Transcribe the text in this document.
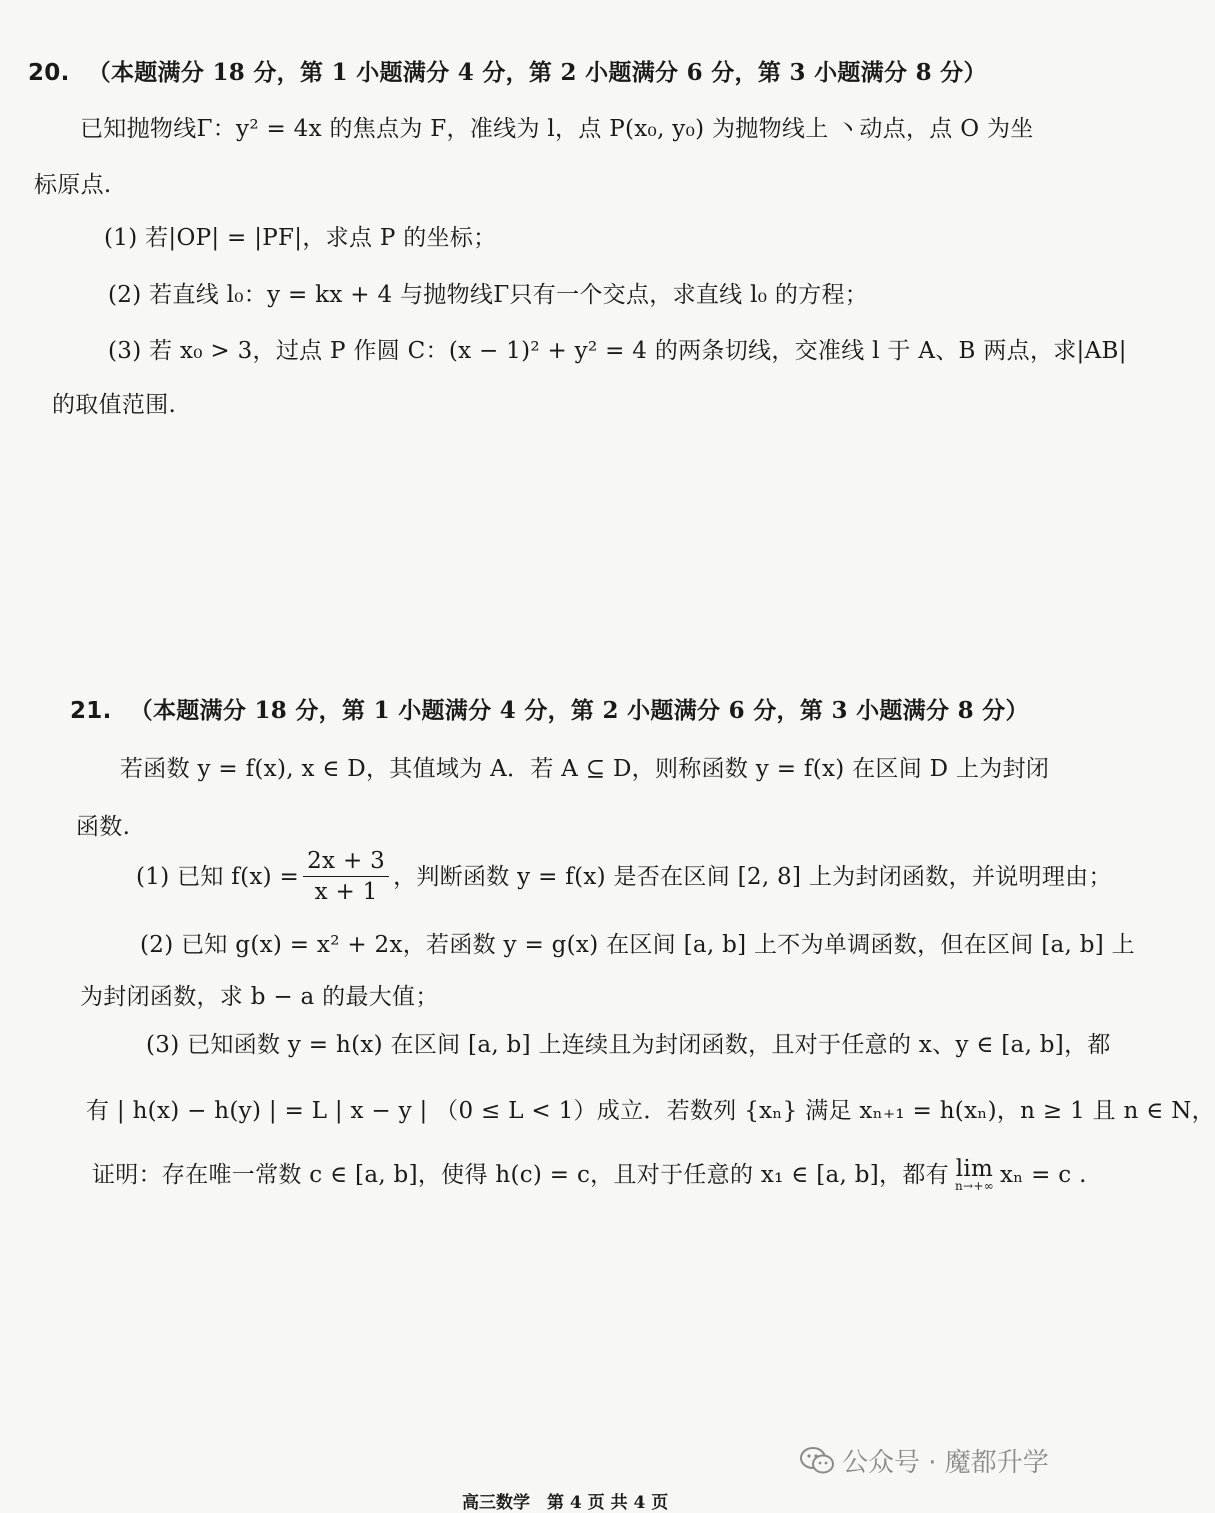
20. （本题满分 18 分，第 1 小题满分 4 分，第 2 小题满分 6 分，第 3 小题满分 8 分）
已知抛物线Γ：y² = 4x 的焦点为 F，准线为 l，点 P(x₀, y₀) 为抛物线上 丶动点，点 O 为坐
标原点.
(1) 若|OP| = |PF|，求点 P 的坐标；
(2) 若直线 l₀：y = kx + 4 与抛物线Γ只有一个交点，求直线 l₀ 的方程；
(3) 若 x₀ > 3，过点 P 作圆 C：(x − 1)² + y² = 4 的两条切线，交准线 l 于 A、B 两点，求|AB|
的取值范围.
21. （本题满分 18 分，第 1 小题满分 4 分，第 2 小题满分 6 分，第 3 小题满分 8 分）
若函数 y = f(x), x ∈ D，其值域为 A．若 A ⊆ D，则称函数 y = f(x) 在区间 D 上为封闭
函数.
(1) 已知 $f(x) = \frac{2x + 3}{x + 1}$ ，判断函数 y = f(x) 是否在区间 [2, 8] 上为封闭函数，并说明理由；
(2) 已知 g(x) = x² + 2x，若函数 y = g(x) 在区间 [a, b] 上不为单调函数，但在区间 [a, b] 上
为封闭函数，求 b − a 的最大值；
(3) 已知函数 y = h(x) 在区间 [a, b] 上连续且为封闭函数，且对于任意的 x、y ∈ [a, b]，都
有 | h(x) − h(y) | = L | x − y | （0 ≤ L < 1）成立．若数列 {xₙ} 满足 xₙ₊₁ = h(xₙ)，n ≥ 1 且 n ∈ N，
证明：存在唯一常数 c ∈ [a, b]，使得 h(c) = c，且对于任意的 x₁ ∈ [a, b]，都有 lim
n→+∞ xₙ = c .
公众号 · 魔都升学
高三数学　第 4 页 共 4 页
